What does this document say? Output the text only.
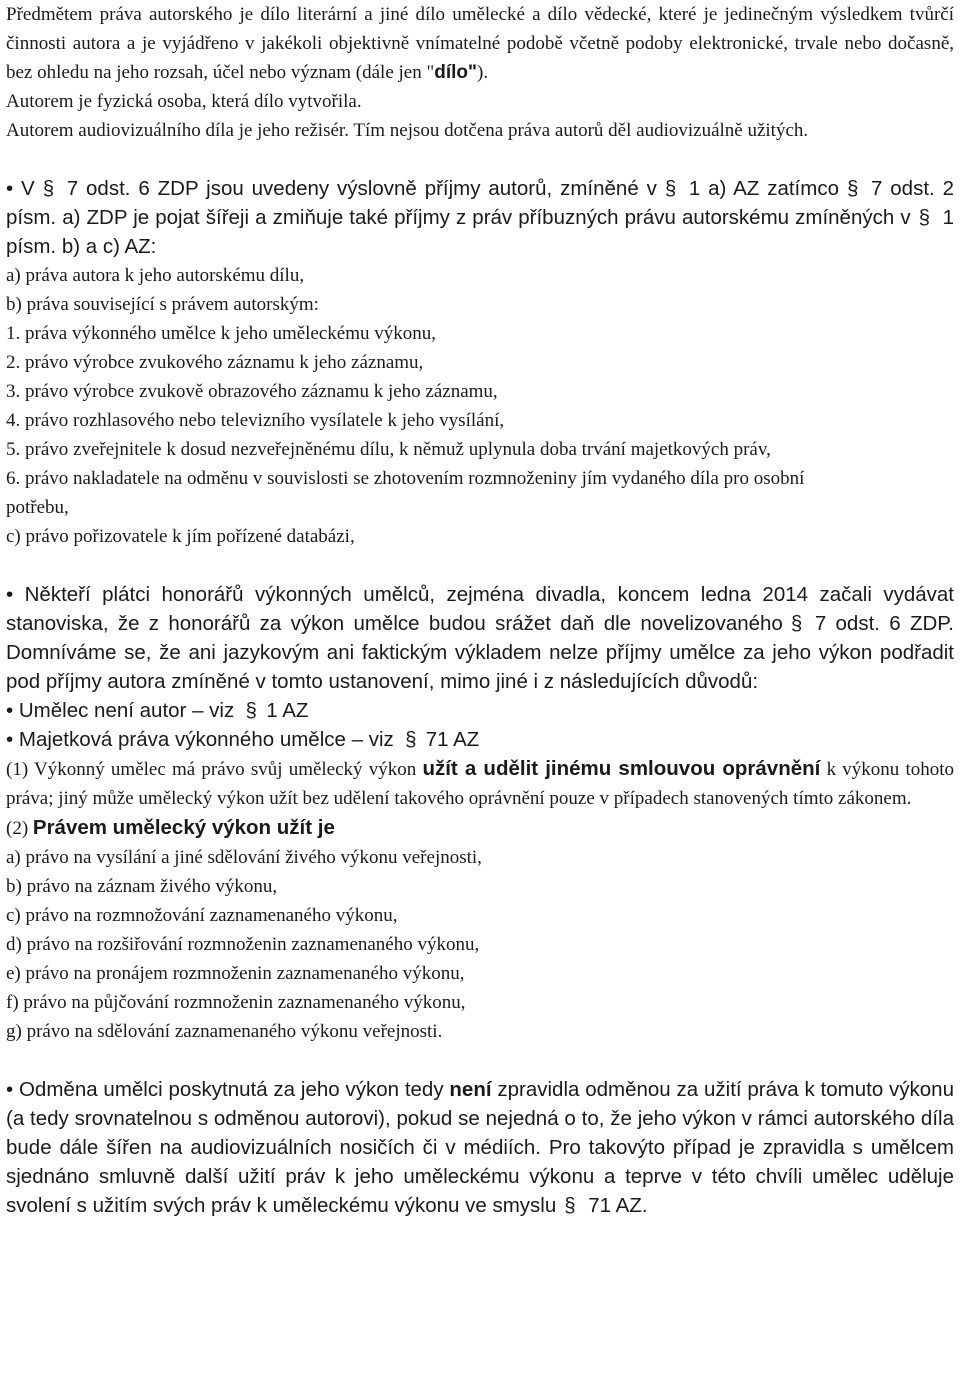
Předmětem práva autorského je dílo literární a jiné dílo umělecké a dílo vědecké, které je jedinečným výsledkem tvůrčí činnosti autora a je vyjádřeno v jakékoli objektivně vnímatelné podobě včetně podoby elektronické, trvale nebo dočasně, bez ohledu na jeho rozsah, účel nebo význam (dále jen "dílo").

Autorem je fyzická osoba, která dílo vytvořila.

Autorem audiovizuálního díla je jeho režisér. Tím nejsou dotčena práva autorů děl audiovizuálně užitých.

• V § 7 odst. 6 ZDP jsou uvedeny výslovně příjmy autorů, zmíněné v § 1 a) AZ zatímco § 7 odst. 2 písm. a) ZDP je pojat šířeji a zmiňuje také příjmy z práv příbuzných právu autorskému zmíněných v § 1 písm. b) a c) AZ:

a) práva autora k jeho autorskému dílu,

b) práva související s právem autorským:

1. práva výkonného umělce k jeho uměleckému výkonu,

2. právo výrobce zvukového záznamu k jeho záznamu,

3. právo výrobce zvukově obrazového záznamu k jeho záznamu,

4. právo rozhlasového nebo televizního vysílatele k jeho vysílání,

5. právo zveřejnitele k dosud nezveřejněnému dílu, k němuž uplynula doba trvání majetkových práv,

6. právo nakladatele na odměnu v souvislosti se zhotovením rozmnoženiny jím vydaného díla pro osobní potřebu,

c) právo pořizovatele k jím pořízené databázi,

• Někteří plátci honorářů výkonných umělců, zejména divadla, koncem ledna 2014 začali vydávat stanoviska, že z honorářů za výkon umělce budou srážet daň dle novelizovaného § 7 odst. 6 ZDP. Domníváme se, že ani jazykovým ani faktickým výkladem nelze příjmy umělce za jeho výkon podřadit pod příjmy autora zmíněné v tomto ustanovení, mimo jiné i z následujících důvodů:

• Umělec není autor – viz § 1 AZ

• Majetková práva výkonného umělce – viz § 71 AZ

(1) Výkonný umělec má právo svůj umělecký výkon užít a udělit jinému smlouvou oprávnění k výkonu tohoto práva; jiný může umělecký výkon užít bez udělení takového oprávnění pouze v případech stanovených tímto zákonem.

(2) Právem umělecký výkon užít je

a) právo na vysílání a jiné sdělování živého výkonu veřejnosti,

b) právo na záznam živého výkonu,

c) právo na rozmnožování zaznamenaného výkonu,

d) právo na rozšiřování rozmnoženin zaznamenaného výkonu,

e) právo na pronájem rozmnoženin zaznamenaného výkonu,

f) právo na půjčování rozmnoženin zaznamenaného výkonu,

g) právo na sdělování zaznamenaného výkonu veřejnosti.

• Odměna umělci poskytnutá za jeho výkon tedy není zpravidla odměnou za užití práva k tomuto výkonu (a tedy srovnatelnou s odměnou autorovi), pokud se nejedná o to, že jeho výkon v rámci autorského díla bude dále šířen na audiovizuálních nosičích či v médiích. Pro takovýto případ je zpravidla s umělcem sjednáno smluvně další užití práv k jeho uměleckému výkonu a teprve v této chvíli umělec uděluje svolení s užitím svých práv k uměleckému výkonu ve smyslu § 71 AZ.
